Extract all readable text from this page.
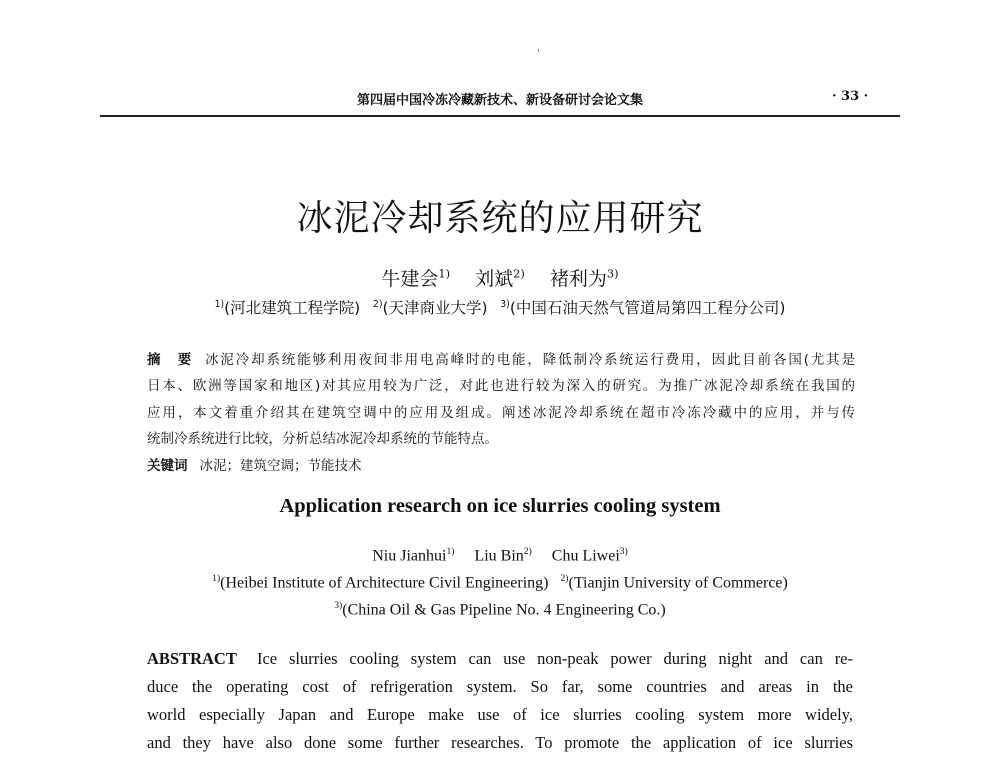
第四届中国冷冻冷藏新技术、新设备研讨会论文集	· 33 ·
冰泥冷却系统的应用研究
牛建会$^{1)}$   刘斌$^{2)}$   褚利为$^{3)}$
$^{1)}$(河北建筑工程学院)   $^{2)}$(天津商业大学)   $^{3)}$(中国石油天然气管道局第四工程分公司)
摘　要 冰泥冷却系统能够利用夜间非用电高峰时的电能，降低制冷系统运行费用，因此目前各国(尤其是
日本、欧洲等国家和地区)对其应用较为广泛，对此也进行较为深入的研究。为推广冰泥冷却系统在我国的
应用，本文着重介绍其在建筑空调中的应用及组成。阐述冰泥冷却系统在超市冷冻冷藏中的应用，并与传
统制冷系统进行比较，分析总结冰泥冷却系统的节能特点。
关键词 冰泥；建筑空调；节能技术
Application research on ice slurries cooling system
Niu Jianhui$^{1)}$   Liu Bin$^{2)}$   Chu Liwei$^{3)}$
$^{1)}$(Heibei Institute of Architecture Civil Engineering)   $^{2)}$(Tianjin University of Commerce)
$^{3)}$(China Oil & Gas Pipeline No. 4 Engineering Co.)
ABSTRACT  Ice slurries cooling system can use non-peak power during night and can re-
duce the operating cost of refrigeration system. So far, some countries and areas in the
world especially Japan and Europe make use of ice slurries cooling system more widely,
and they have also done some further researches. To promote the application of ice slurries
